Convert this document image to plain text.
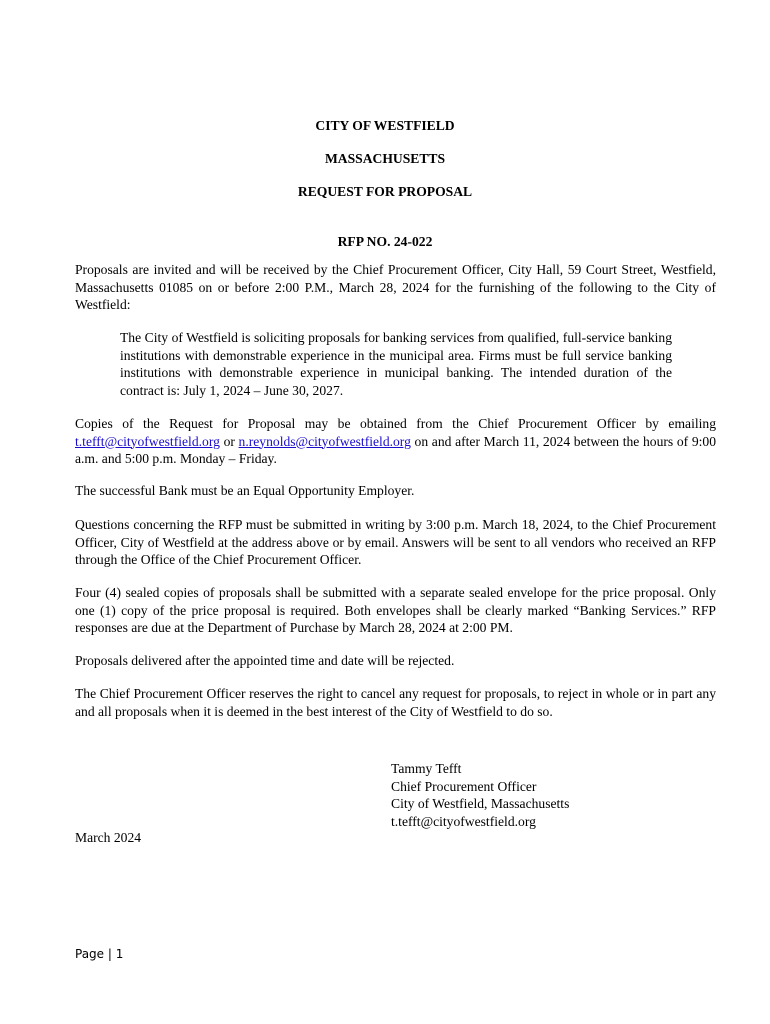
CITY OF WESTFIELD
MASSACHUSETTS
REQUEST FOR PROPOSAL
RFP NO. 24-022

Proposals are invited and will be received by the Chief Procurement Officer, City Hall, 59 Court Street, Westfield, Massachusetts 01085 on or before 2:00 P.M., March 28, 2024 for the furnishing of the following to the City of Westfield:

The City of Westfield is soliciting proposals for banking services from qualified, full-service banking institutions with demonstrable experience in the municipal area. Firms must be full service banking institutions with demonstrable experience in municipal banking. The intended duration of the contract is: July 1, 2024 – June 30, 2027.

Copies of the Request for Proposal may be obtained from the Chief Procurement Officer by emailing t.tefft@cityofwestfield.org or n.reynolds@cityofwestfield.org on and after March 11, 2024 between the hours of 9:00 a.m. and 5:00 p.m. Monday – Friday.

The successful Bank must be an Equal Opportunity Employer.

Questions concerning the RFP must be submitted in writing by 3:00 p.m. March 18, 2024, to the Chief Procurement Officer, City of Westfield at the address above or by email. Answers will be sent to all vendors who received an RFP through the Office of the Chief Procurement Officer.

Four (4) sealed copies of proposals shall be submitted with a separate sealed envelope for the price proposal. Only one (1) copy of the price proposal is required. Both envelopes shall be clearly marked “Banking Services.” RFP responses are due at the Department of Purchase by March 28, 2024 at 2:00 PM.

Proposals delivered after the appointed time and date will be rejected.

The Chief Procurement Officer reserves the right to cancel any request for proposals, to reject in whole or in part any and all proposals when it is deemed in the best interest of the City of Westfield to do so.

Tammy Tefft
Chief Procurement Officer
City of Westfield, Massachusetts
t.tefft@cityofwestfield.org
March 2024
Page | 1
